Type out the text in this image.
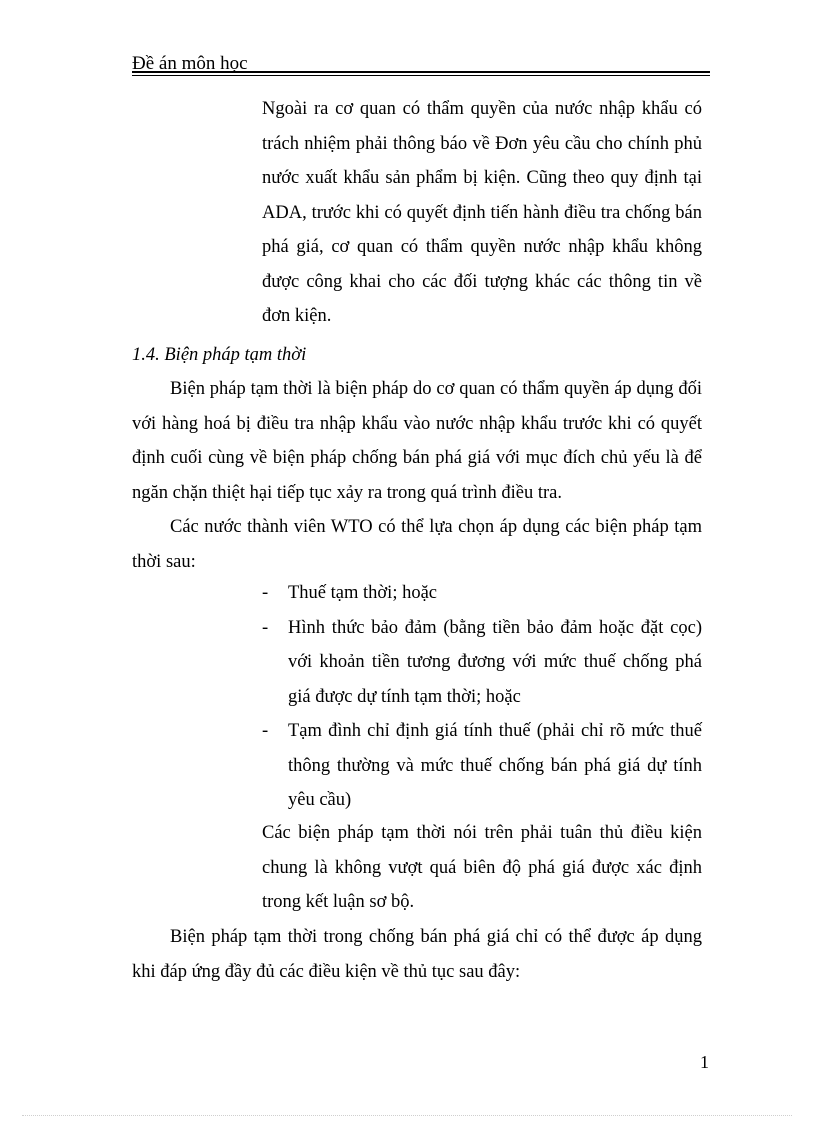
Đề án môn học
Ngoài ra cơ quan có thẩm quyền của nước nhập khẩu có trách nhiệm phải thông báo về Đơn yêu cầu cho chính phủ nước xuất khẩu sản phẩm bị kiện. Cũng theo quy định tại ADA, trước khi có quyết định tiến hành điều tra chống bán phá giá, cơ quan có thẩm quyền nước nhập khẩu không được công khai cho các đối tượng khác các thông tin về đơn kiện.
1.4. Biện pháp tạm thời
Biện pháp tạm thời là biện pháp do cơ quan có thẩm quyền áp dụng đối với hàng hoá bị điều tra nhập khẩu vào nước nhập khẩu trước khi có quyết định cuối cùng về biện pháp chống bán phá giá với mục đích chủ yếu là để ngăn chặn thiệt hại tiếp tục xảy ra trong quá trình điều tra.
Các nước thành viên WTO có thể lựa chọn áp dụng các biện pháp tạm thời sau:
- Thuế tạm thời; hoặc
- Hình thức bảo đảm (bằng tiền bảo đảm hoặc đặt cọc) với khoản tiền tương đương với mức thuế chống phá giá được dự tính tạm thời; hoặc
- Tạm đình chỉ định giá tính thuế (phải chỉ rõ mức thuế thông thường và mức thuế chống bán phá giá dự tính yêu cầu)
Các biện pháp tạm thời nói trên phải tuân thủ điều kiện chung là không vượt quá biên độ phá giá được xác định trong kết luận sơ bộ.
Biện pháp tạm thời trong chống bán phá giá chỉ có thể được áp dụng khi đáp ứng đầy đủ các điều kiện về thủ tục sau đây:
1
